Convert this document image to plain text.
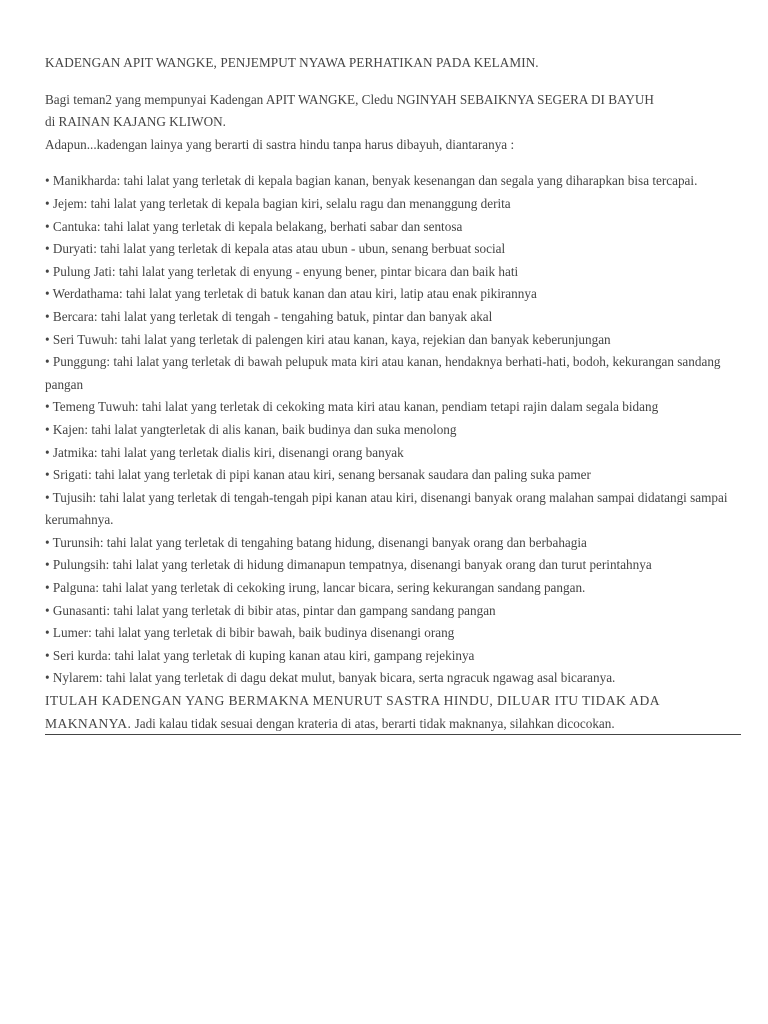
KADENGAN APIT WANGKE, PENJEMPUT NYAWA PERHATIKAN PADA KELAMIN.

Bagi teman2 yang mempunyai Kadengan APIT WANGKE, Cledu NGINYAH SEBAIKNYA SEGERA DI BAYUH

di RAINAN KAJANG KLIWON.

Adapun...kadengan lainya yang berarti di sastra hindu tanpa harus dibayuh, diantaranya :

• Manikharda: tahi lalat yang terletak di kepala bagian kanan, benyak kesenangan dan segala yang diharapkan bisa tercapai.
• Jejem: tahi lalat yang terletak di kepala bagian kiri, selalu ragu dan menanggung derita
• Cantuka: tahi lalat yang terletak di kepala belakang, berhati sabar dan sentosa
• Duryati: tahi lalat yang terletak di kepala atas atau ubun - ubun, senang berbuat social
• Pulung Jati: tahi lalat yang terletak di enyung - enyung bener, pintar bicara dan baik hati
• Werdathama: tahi lalat yang terletak di batuk kanan dan atau kiri, latip atau enak pikirannya
• Bercara: tahi lalat yang terletak di tengah - tengahing batuk, pintar dan banyak akal
• Seri Tuwuh: tahi lalat yang terletak di palengen kiri atau kanan, kaya, rejekian dan banyak keberunjungan
• Punggung: tahi lalat yang terletak di bawah pelupuk mata kiri atau kanan, hendaknya berhati-hati, bodoh, kekurangan sandang pangan
• Temeng Tuwuh: tahi lalat yang terletak di cekoking mata kiri atau kanan, pendiam tetapi rajin dalam segala bidang
• Kajen: tahi lalat yangterletak di alis kanan, baik budinya dan suka menolong
• Jatmika: tahi lalat yang terletak dialis kiri, disenangi orang banyak
• Srigati: tahi lalat yang terletak di pipi kanan atau kiri, senang bersanak saudara dan paling suka pamer
• Tujusih: tahi lalat yang terletak di tengah-tengah pipi kanan atau kiri, disenangi banyak orang malahan sampai didatangi sampai kerumahnya.
• Turunsih: tahi lalat yang terletak di tengahing batang hidung, disenangi banyak orang dan berbahagia
• Pulungsih: tahi lalat yang terletak di hidung dimanapun tempatnya, disenangi banyak orang dan turut perintahnya
• Palguna: tahi lalat yang terletak di cekoking irung, lancar bicara, sering kekurangan sandang pangan.
• Gunasanti: tahi lalat yang terletak di bibir atas, pintar dan gampang sandang pangan
• Lumer: tahi lalat yang terletak di bibir bawah, baik budinya disenangi orang
• Seri kurda: tahi lalat yang terletak di kuping kanan atau kiri, gampang rejekinya
• Nylarem: tahi lalat yang terletak di dagu dekat mulut, banyak bicara, serta ngracuk ngawag asal bicaranya.
ITULAH KADENGAN YANG BERMAKNA MENURUT SASTRA HINDU, DILUAR ITU TIDAK ADA
MAKNANYA. Jadi kalau tidak sesuai dengan krateria di atas, berarti tidak maknanya, silahkan dicocokan.
